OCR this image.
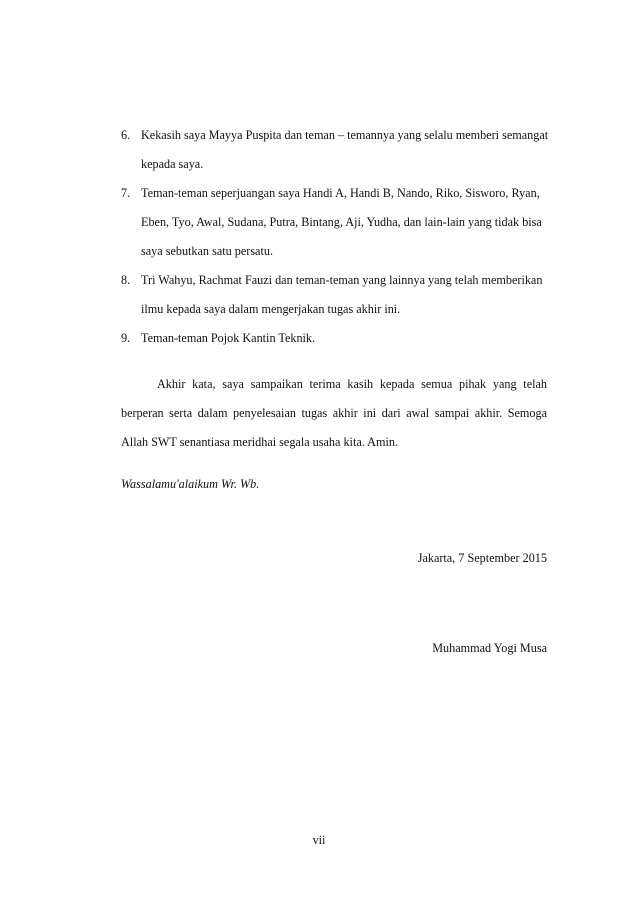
6. Kekasih saya Mayya Puspita dan teman – temannya yang selalu memberi semangat kepada saya.
7. Teman-teman seperjuangan saya Handi A, Handi B, Nando, Riko, Sisworo, Ryan, Eben, Tyo, Awal, Sudana, Putra, Bintang, Aji, Yudha, dan lain-lain yang tidak bisa saya sebutkan satu persatu.
8. Tri Wahyu, Rachmat Fauzi dan teman-teman yang lainnya yang telah memberikan ilmu kepada saya dalam mengerjakan tugas akhir ini.
9. Teman-teman Pojok Kantin Teknik.

Akhir kata, saya sampaikan terima kasih kepada semua pihak yang telah berperan serta dalam penyelesaian tugas akhir ini dari awal sampai akhir. Semoga Allah SWT senantiasa meridhai segala usaha kita. Amin.

Wassalamu'alaikum Wr. Wb.

Jakarta, 7 September 2015

Muhammad Yogi Musa

vii
